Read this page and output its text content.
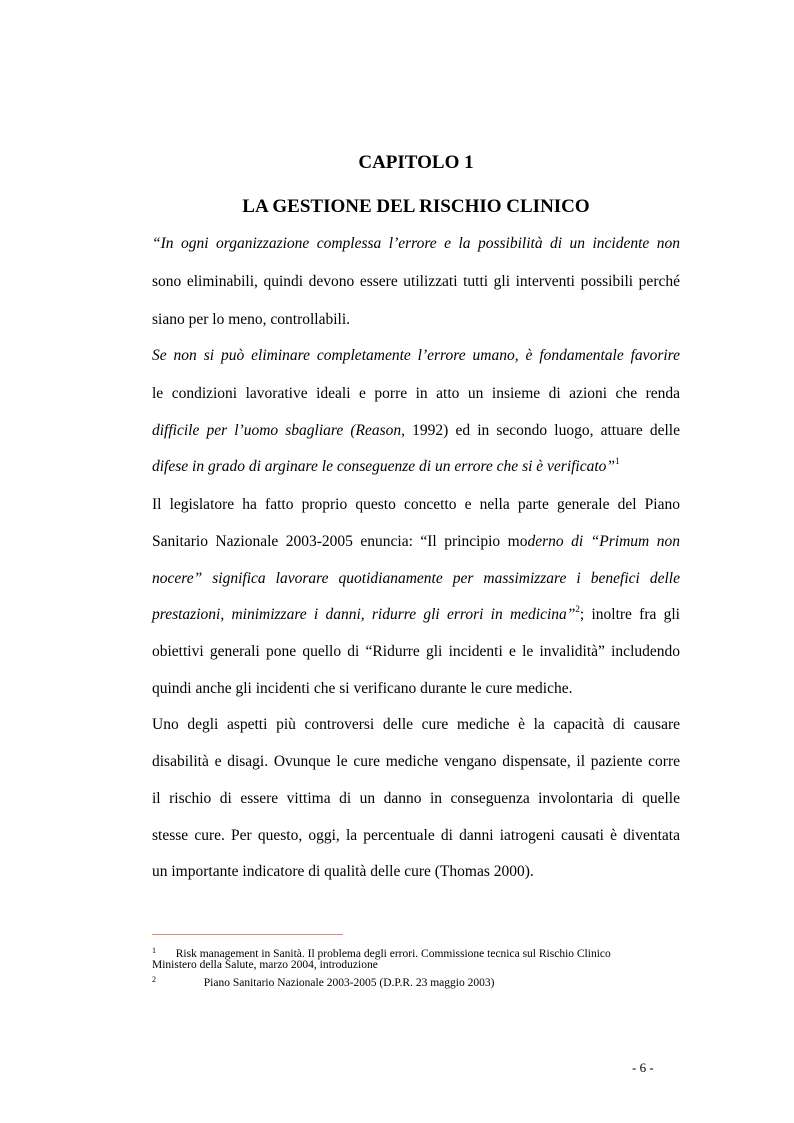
CAPITOLO 1
LA GESTIONE DEL RISCHIO CLINICO
“In ogni organizzazione complessa l’errore e la possibilità di un incidente non
sono eliminabili, quindi devono essere utilizzati tutti gli interventi possibili perché
siano per lo meno, controllabili.
Se non si può eliminare completamente l’errore umano, è fondamentale favorire
le condizioni lavorative ideali e porre in atto un insieme di azioni che renda
difficile per l’uomo sbagliare (Reason, 1992) ed in secondo luogo, attuare delle
difese in grado di arginare le conseguenze di un errore che si è verificato”$^1$
Il legislatore ha fatto proprio questo concetto e nella parte generale del Piano
Sanitario Nazionale 2003-2005 enuncia: “Il principio moderno di “Primum non
nocere” significa lavorare quotidianamente per massimizzare i benefici delle
prestazioni, minimizzare i danni, ridurre gli errori in medicina”$^2$; inoltre fra gli
obiettivi generali pone quello di “Ridurre gli incidenti e le invalidità” includendo
quindi anche gli incidenti che si verificano durante le cure mediche.
Uno degli aspetti più controversi delle cure mediche è la capacità di causare
disabilità e disagi. Ovunque le cure mediche vengano dispensate, il paziente corre
il rischio di essere vittima di un danno in conseguenza involontaria di quelle
stesse cure. Per questo, oggi, la percentuale di danni iatrogeni causati è diventata
un importante indicatore di qualità delle cure (Thomas 2000).
$^1$ Risk management in Sanità. Il problema degli errori. Commissione tecnica sul Rischio Clinico
Ministero della Salute, marzo 2004, introduzione
$^2$	Piano Sanitario Nazionale 2003-2005 (D.P.R. 23 maggio 2003)
- 6 -
